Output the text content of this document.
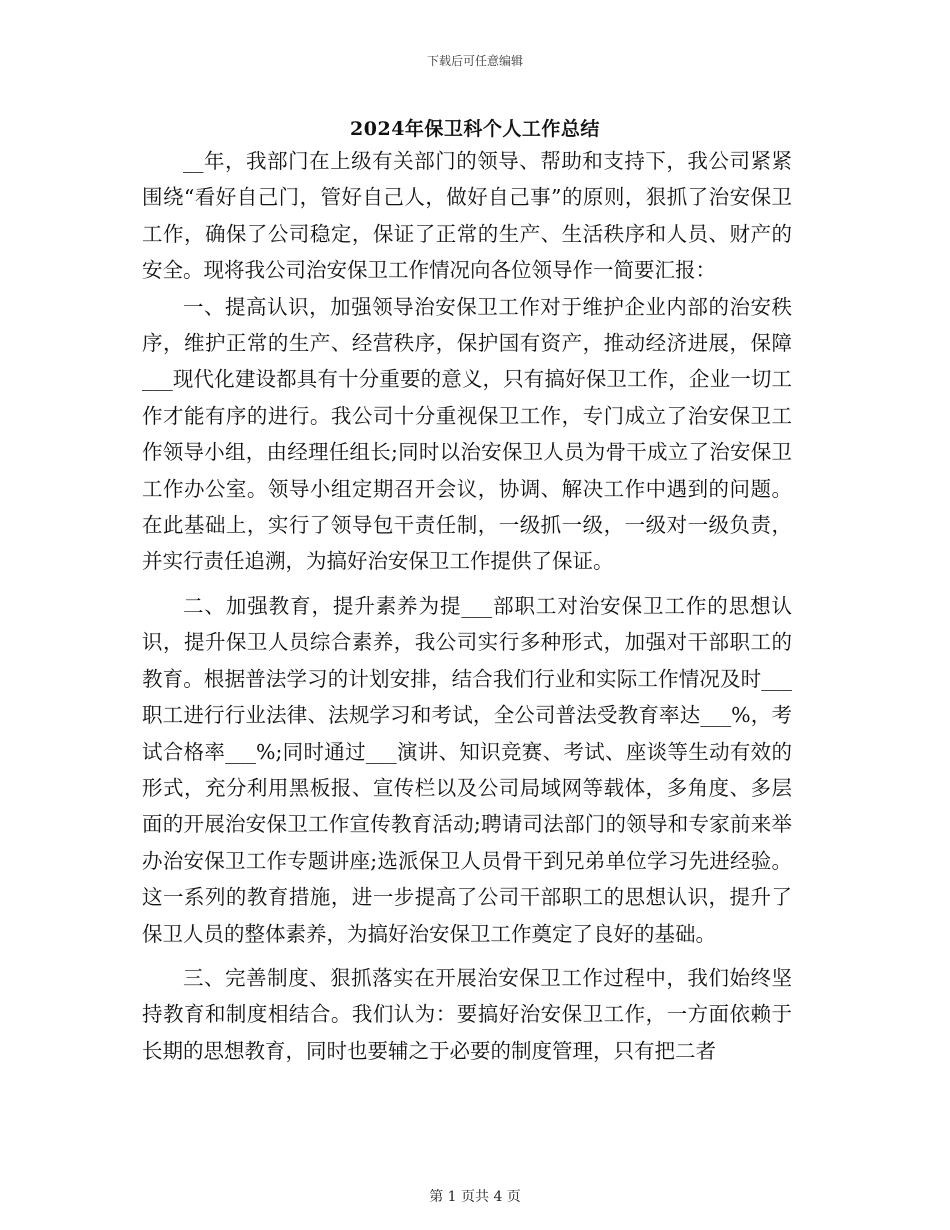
下载后可任意编辑
2024年保卫科个人工作总结

__年，我部门在上级有关部门的领导、帮助和支持下，我公司紧紧围绕“看好自己门，管好自己人，做好自己事”的原则，狠抓了治安保卫工作，确保了公司稳定，保证了正常的生产、生活秩序和人员、财产的安全。现将我公司治安保卫工作情况向各位领导作一简要汇报：

一、提高认识，加强领导治安保卫工作对于维护企业内部的治安秩序，维护正常的生产、经营秩序，保护国有资产，推动经济进展，保障___现代化建设都具有十分重要的意义，只有搞好保卫工作，企业一切工作才能有序的进行。我公司十分重视保卫工作，专门成立了治安保卫工作领导小组，由经理任组长;同时以治安保卫人员为骨干成立了治安保卫工作办公室。领导小组定期召开会议，协调、解决工作中遇到的问题。在此基础上，实行了领导包干责任制，一级抓一级，一级对一级负责，并实行责任追溯，为搞好治安保卫工作提供了保证。

二、加强教育，提升素养为提___部职工对治安保卫工作的思想认识，提升保卫人员综合素养，我公司实行多种形式，加强对干部职工的教育。根据普法学习的计划安排，结合我们行业和实际工作情况及时___职工进行行业法律、法规学习和考试，全公司普法受教育率达___%，考试合格率___%;同时通过___演讲、知识竞赛、考试、座谈等生动有效的形式，充分利用黑板报、宣传栏以及公司局域网等载体，多角度、多层面的开展治安保卫工作宣传教育活动;聘请司法部门的领导和专家前来举办治安保卫工作专题讲座;选派保卫人员骨干到兄弟单位学习先进经验。这一系列的教育措施，进一步提高了公司干部职工的思想认识，提升了保卫人员的整体素养，为搞好治安保卫工作奠定了良好的基础。

三、完善制度、狠抓落实在开展治安保卫工作过程中，我们始终坚持教育和制度相结合。我们认为：要搞好治安保卫工作，一方面依赖于长期的思想教育，同时也要辅之于必要的制度管理，只有把二者

第 1 页共 4 页
